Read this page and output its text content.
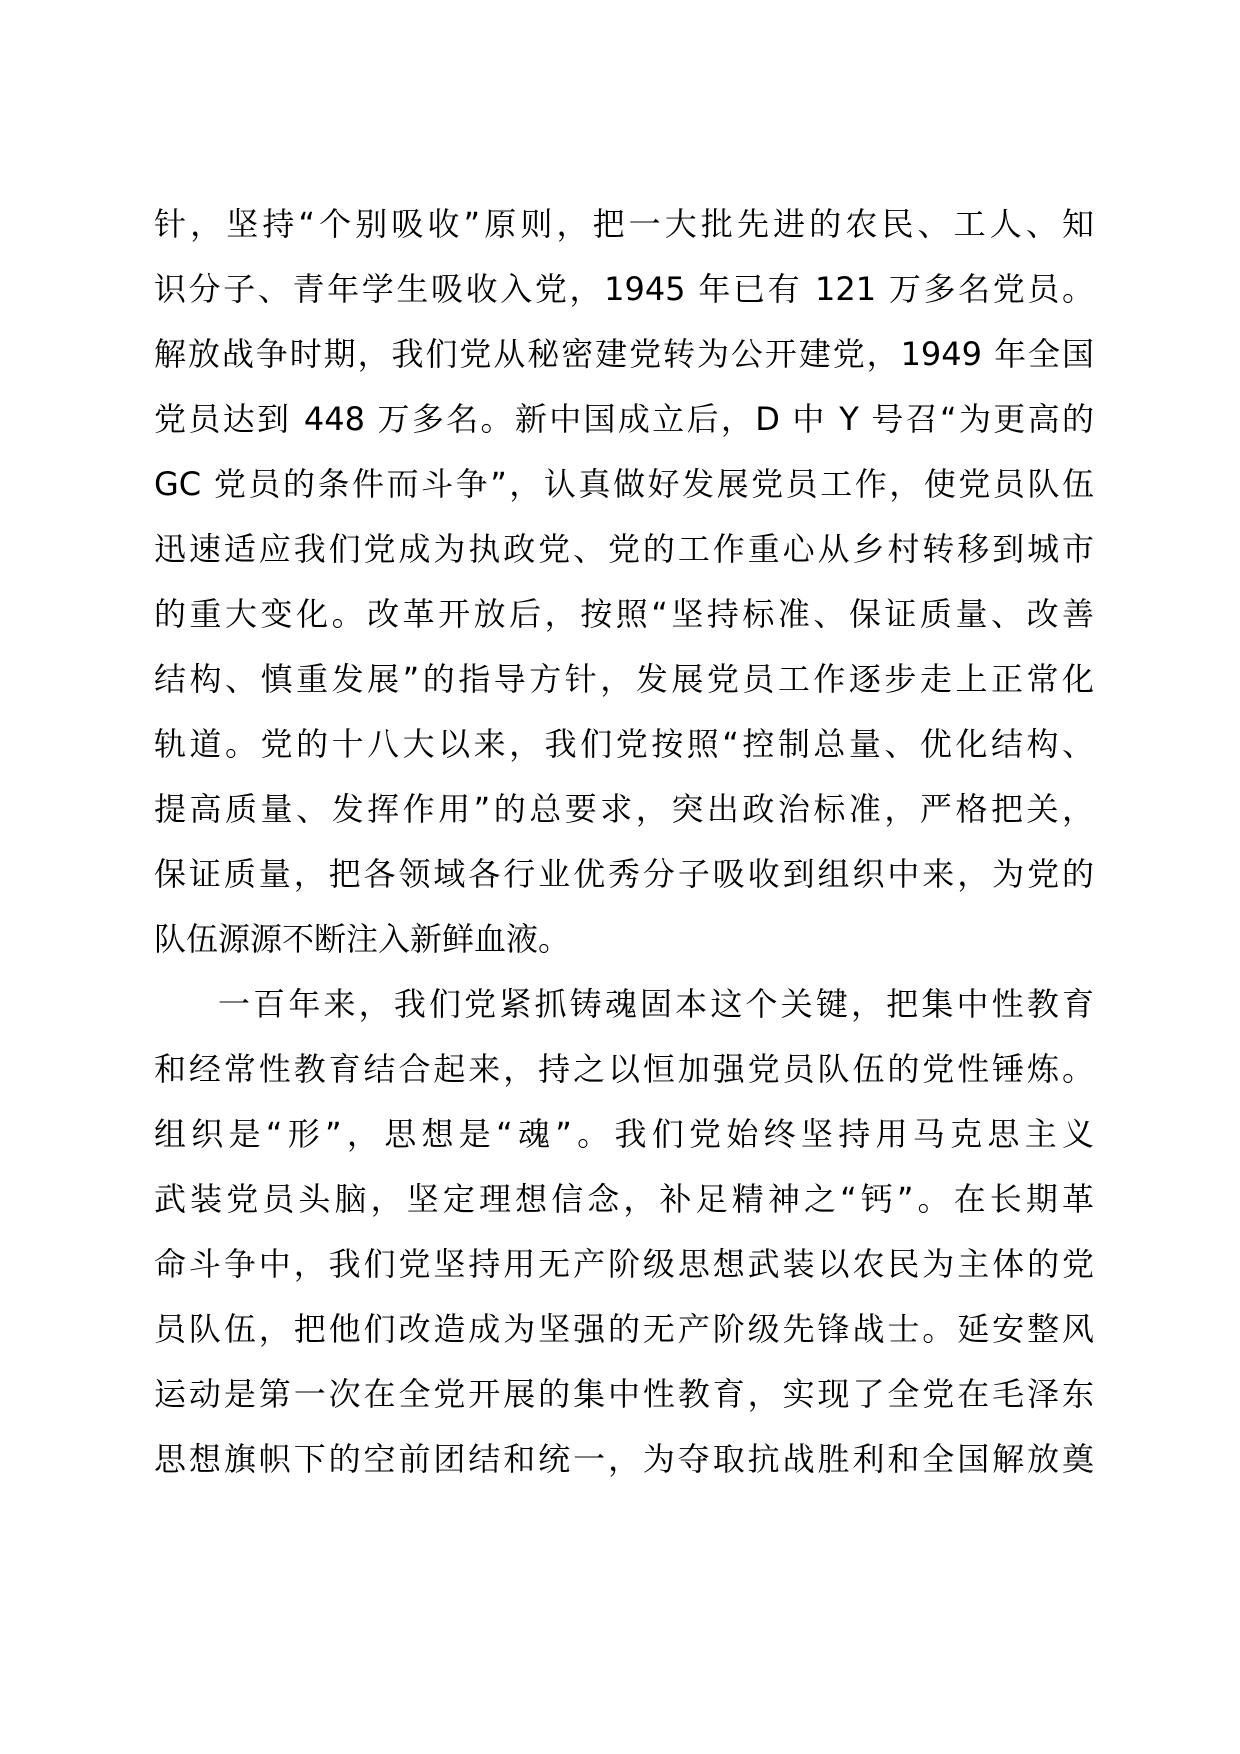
针，坚持“个别吸收”原则，把一大批先进的农民、工人、知
识分子、青年学生吸收入党，1945 年已有 121 万多名党员。
解放战争时期，我们党从秘密建党转为公开建党，1949 年全国
党员达到 448 万多名。新中国成立后，D 中 Y 号召“为更高的
GC 党员的条件而斗争”，认真做好发展党员工作，使党员队伍
迅速适应我们党成为执政党、党的工作重心从乡村转移到城市
的重大变化。改革开放后，按照“坚持标准、保证质量、改善
结构、慎重发展”的指导方针，发展党员工作逐步走上正常化
轨道。党的十八大以来，我们党按照“控制总量、优化结构、
提高质量、发挥作用”的总要求，突出政治标准，严格把关，
保证质量，把各领域各行业优秀分子吸收到组织中来，为党的
队伍源源不断注入新鲜血液。
一百年来，我们党紧抓铸魂固本这个关键，把集中性教育
和经常性教育结合起来，持之以恒加强党员队伍的党性锤炼。
组织是“形”，思想是“魂”。我们党始终坚持用马克思主义
武装党员头脑，坚定理想信念，补足精神之“钙”。在长期革
命斗争中，我们党坚持用无产阶级思想武装以农民为主体的党
员队伍，把他们改造成为坚强的无产阶级先锋战士。延安整风
运动是第一次在全党开展的集中性教育，实现了全党在毛泽东
思想旗帜下的空前团结和统一，为夺取抗战胜利和全国解放奠
